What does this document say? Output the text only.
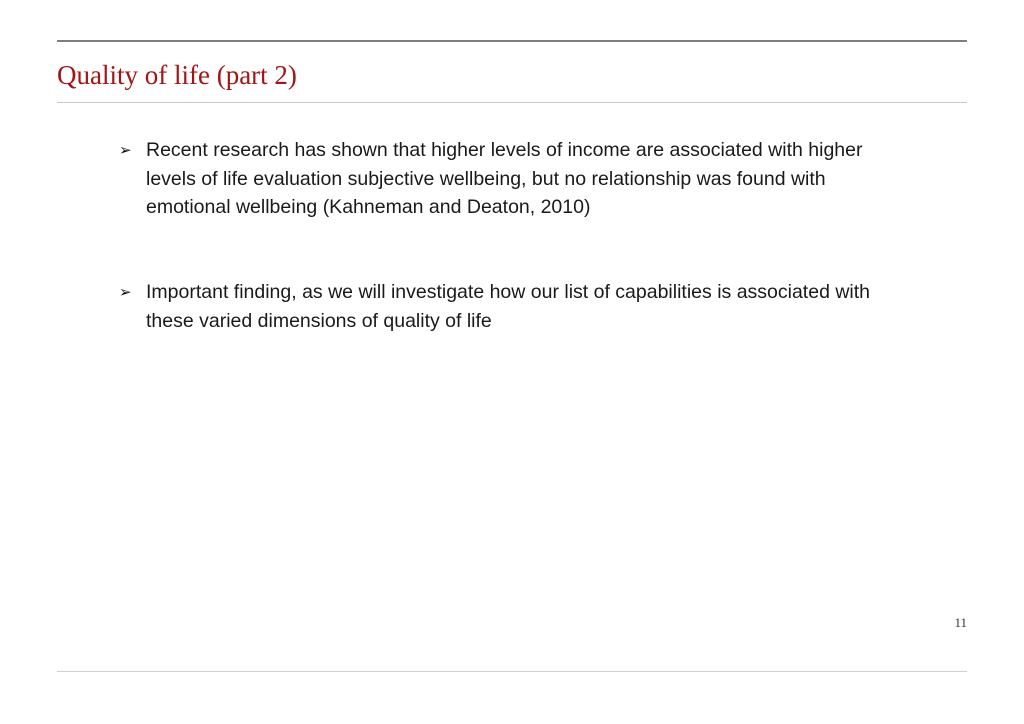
Quality of life (part 2)
➢ Recent research has shown that higher levels of income are associated with higher levels of life evaluation subjective wellbeing, but no relationship was found with emotional wellbeing (Kahneman and Deaton, 2010)
➢ Important finding, as we will investigate how our list of capabilities is associated with these varied dimensions of quality of life
11
